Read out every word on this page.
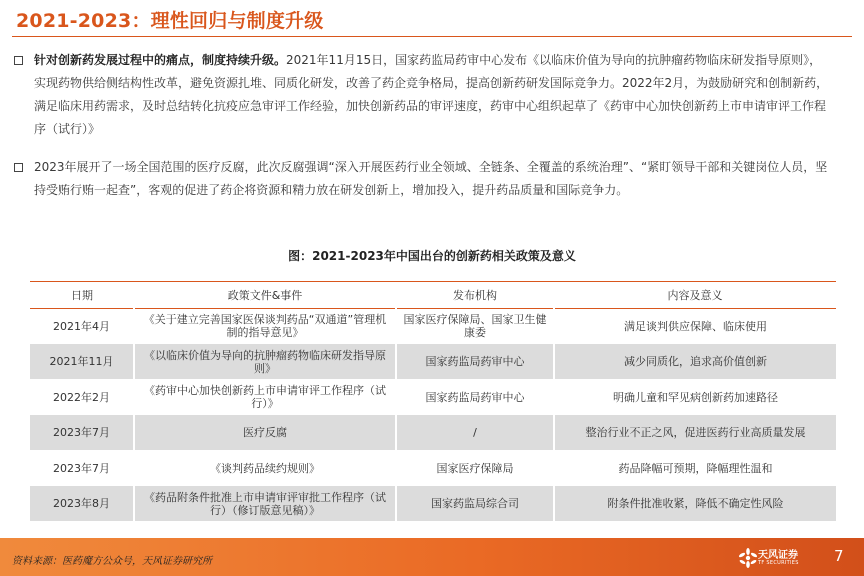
2021-2023：理性回归与制度升级
针对创新药发展过程中的痛点，制度持续升级。2021年11月15日，国家药监局药审中心发布《以临床价值为导向的抗肿瘤药物临床研发指导原则》，实现药物供给侧结构性改革，避免资源扎堆、同质化研发，改善了药企竞争格局，提高创新药研发国际竞争力。2022年2月，为鼓励研究和创制新药，满足临床用药需求，及时总结转化抗疫应急审评工作经验，加快创新药品的审评速度，药审中心组织起草了《药审中心加快创新药上市申请审评工作程序（试行）》
2023年展开了一场全国范围的医疗反腐，此次反腐强调“深入开展医药行业全领域、全链条、全覆盖的系统治理”、“紧盯领导干部和关键岗位人员，坚持受贿行贿一起查”，客观的促进了药企将资源和精力放在研发创新上，增加投入，提升药品质量和国际竞争力。
图：2021-2023年中国出台的创新药相关政策及意义
日期	政策文件&事件	发布机构	内容及意义
2021年4月	《关于建立完善国家医保谈判药品“双通道”管理机制的指导意见》	国家医疗保障局、国家卫生健康委	满足谈判供应保障、临床使用
2021年11月	《以临床价值为导向的抗肿瘤药物临床研发指导原则》	国家药监局药审中心	减少同质化，追求高价值创新
2022年2月	《药审中心加快创新药上市申请审评工作程序（试行）》	国家药监局药审中心	明确儿童和罕见病创新药加速路径
2023年7月	医疗反腐	/	整治行业不正之风，促进医药行业高质量发展
2023年7月	《谈判药品续约规则》	国家医疗保障局	药品降幅可预期，降幅理性温和
2023年8月	《药品附条件批准上市申请审评审批工作程序（试行）（修订版意见稿）》	国家药监局综合司	附条件批准收紧，降低不确定性风险
资料来源：医药魔方公众号，天风证券研究所
天风证券
TF SECURITIES 7
